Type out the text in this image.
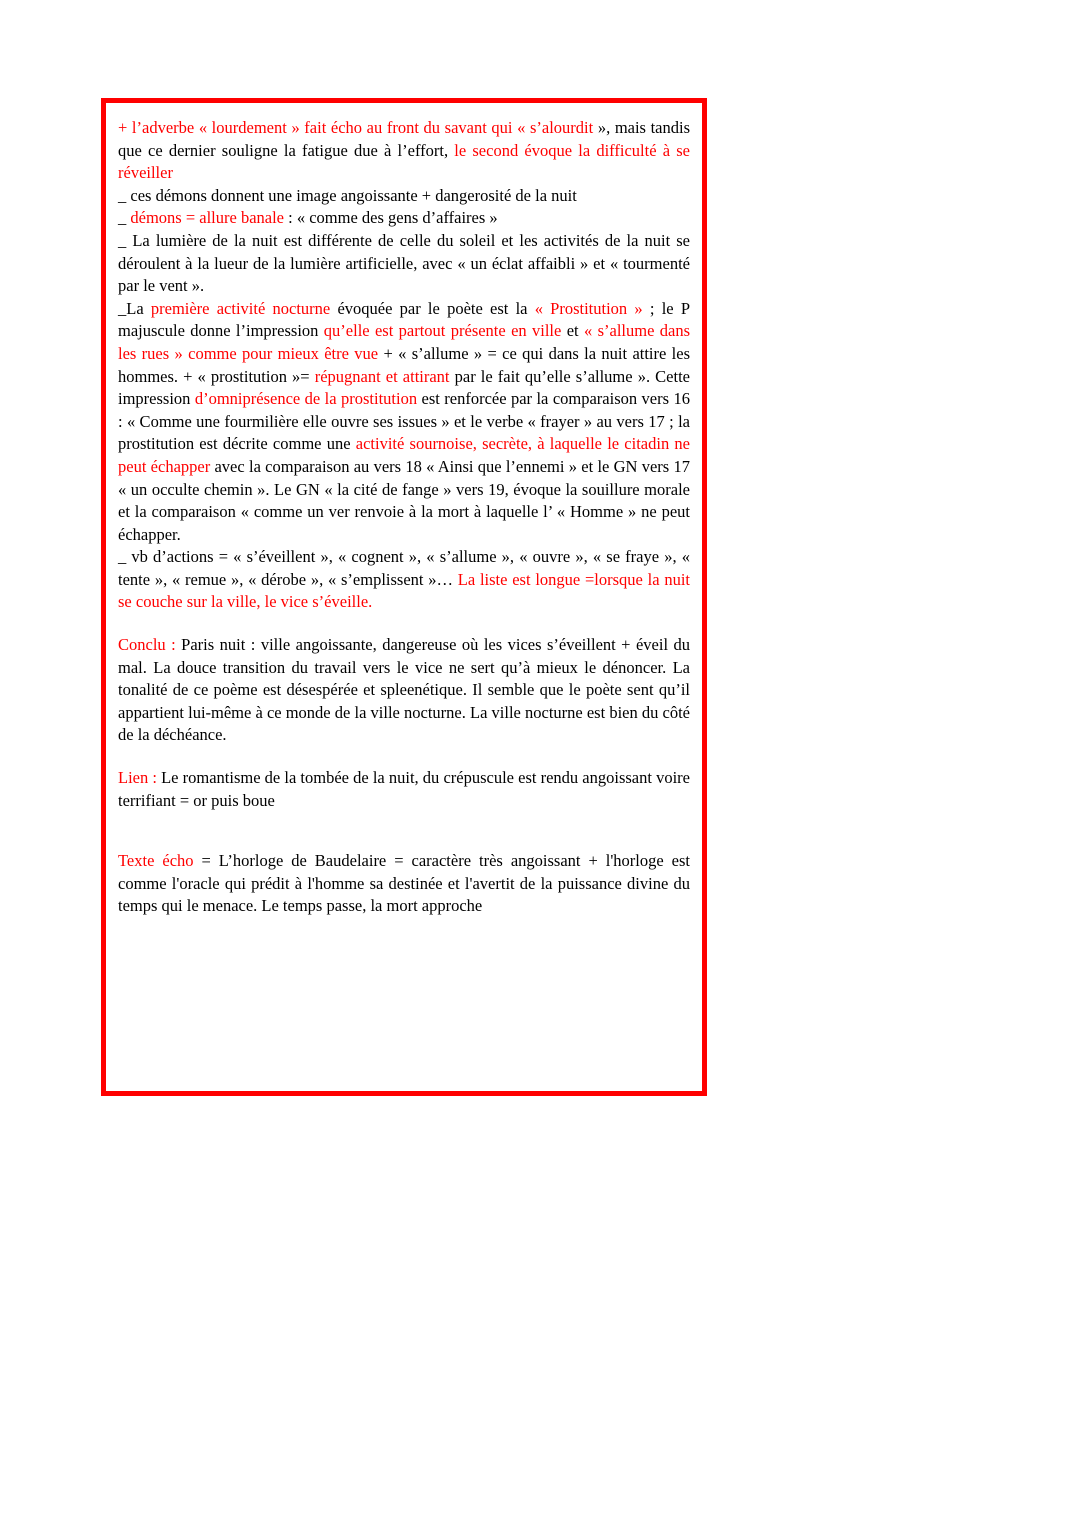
+ l’adverbe « lourdement » fait écho au front du savant qui « s’alourdit », mais tandis que ce dernier souligne la fatigue due à l’effort, le second évoque la difficulté à se réveiller

_ ces démons donnent une image angoissante + dangerosité de la nuit

_ démons = allure banale : « comme des gens d’affaires »

_ La lumière de la nuit est différente de celle du soleil et les activités de la nuit se déroulent à la lueur de la lumière artificielle, avec « un éclat affaibli » et « tourmenté par le vent ».

_La première activité nocturne évoquée par le poète est la « Prostitution » ; le P majuscule donne l’impression qu’elle est partout présente en ville et « s’allume dans les rues » comme pour mieux être vue + « s’allume » = ce qui dans la nuit attire les hommes. + « prostitution »= répugnant et attirant par le fait qu’elle s’allume ». Cette impression d’omniprésence de la prostitution est renforcée par la comparaison vers 16 : « Comme une fourmilière elle ouvre ses issues » et le verbe « frayer » au vers 17 ; la prostitution est décrite comme une activité sournoise, secrète, à laquelle le citadin ne peut échapper avec la comparaison au vers 18 « Ainsi que l’ennemi » et le GN vers 17 « un occulte chemin ». Le GN « la cité de fange » vers 19, évoque la souillure morale et la comparaison « comme un ver renvoie à la mort à laquelle l’ « Homme » ne peut échapper.

_ vb d’actions = « s’éveillent », « cognent », « s’allume », « ouvre », « se fraye », « tente », « remue », « dérobe », « s’emplissent »… La liste est longue =lorsque la nuit se couche sur la ville, le vice s’éveille.

Conclu : Paris nuit : ville angoissante, dangereuse où les vices s’éveillent + éveil du mal. La douce transition du travail vers le vice ne sert qu’à mieux le dénoncer. La tonalité de ce poème est désespérée et spleenétique. Il semble que le poète sent qu’il appartient lui-même à ce monde de la ville nocturne. La ville nocturne est bien du côté de la déchéance.

Lien : Le romantisme de la tombée de la nuit, du crépuscule est rendu angoissant voire terrifiant = or puis boue

Texte écho = L’horloge de Baudelaire = caractère très angoissant + l'horloge est comme l'oracle qui prédit à l'homme sa destinée et l'avertit de la puissance divine du temps qui le menace. Le temps passe, la mort approche
